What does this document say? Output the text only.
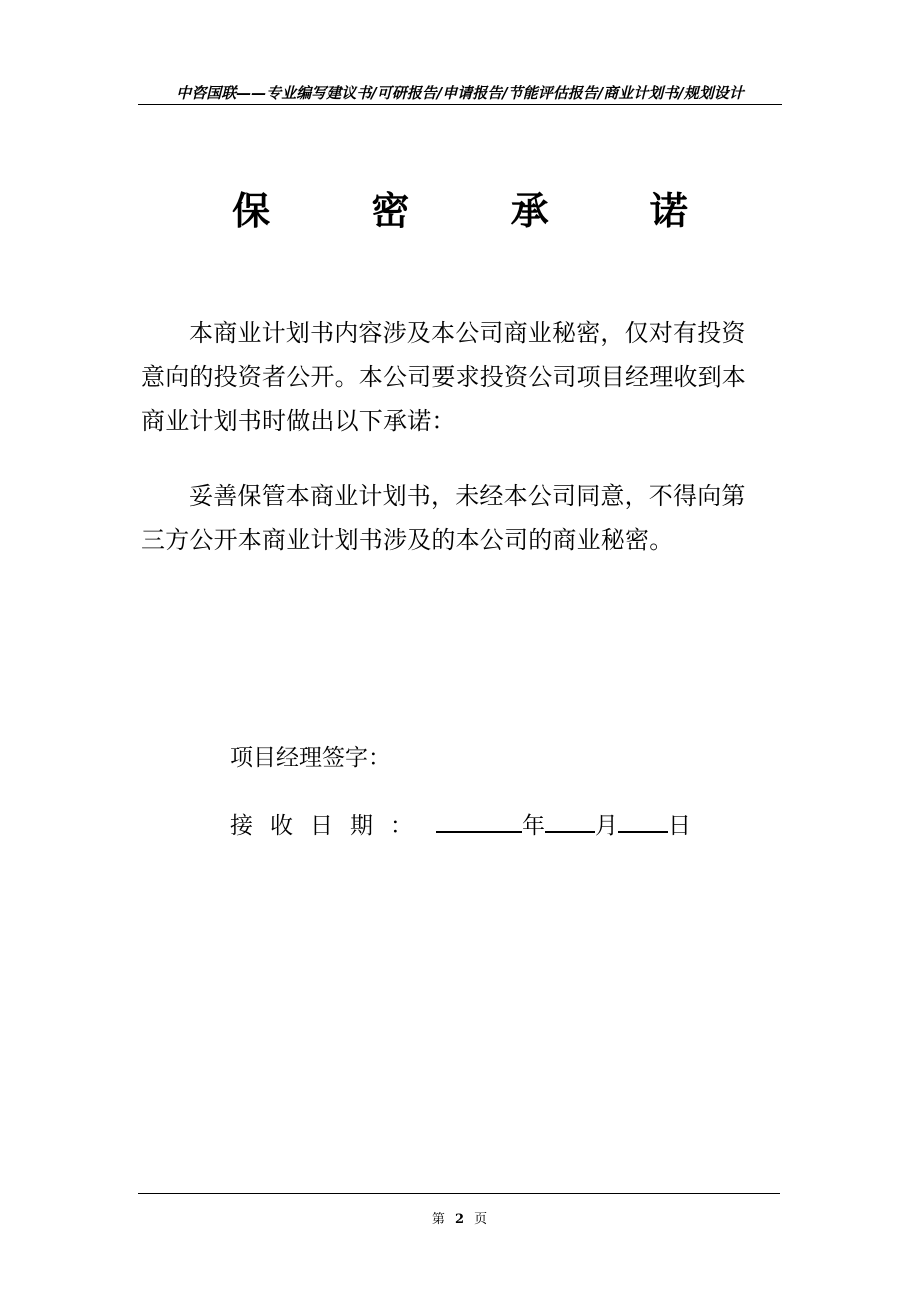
中咨国联——专业编写建议书/可研报告/申请报告/节能评估报告/商业计划书/规划设计
保 密 承 诺

本商业计划书内容涉及本公司商业秘密，仅对有投资意向的投资者公开。本公司要求投资公司项目经理收到本商业计划书时做出以下承诺：

妥善保管本商业计划书，未经本公司同意，不得向第三方公开本商业计划书涉及的本公司的商业秘密。

项目经理签字：
接收日期：	年 月 日
第 2 页
